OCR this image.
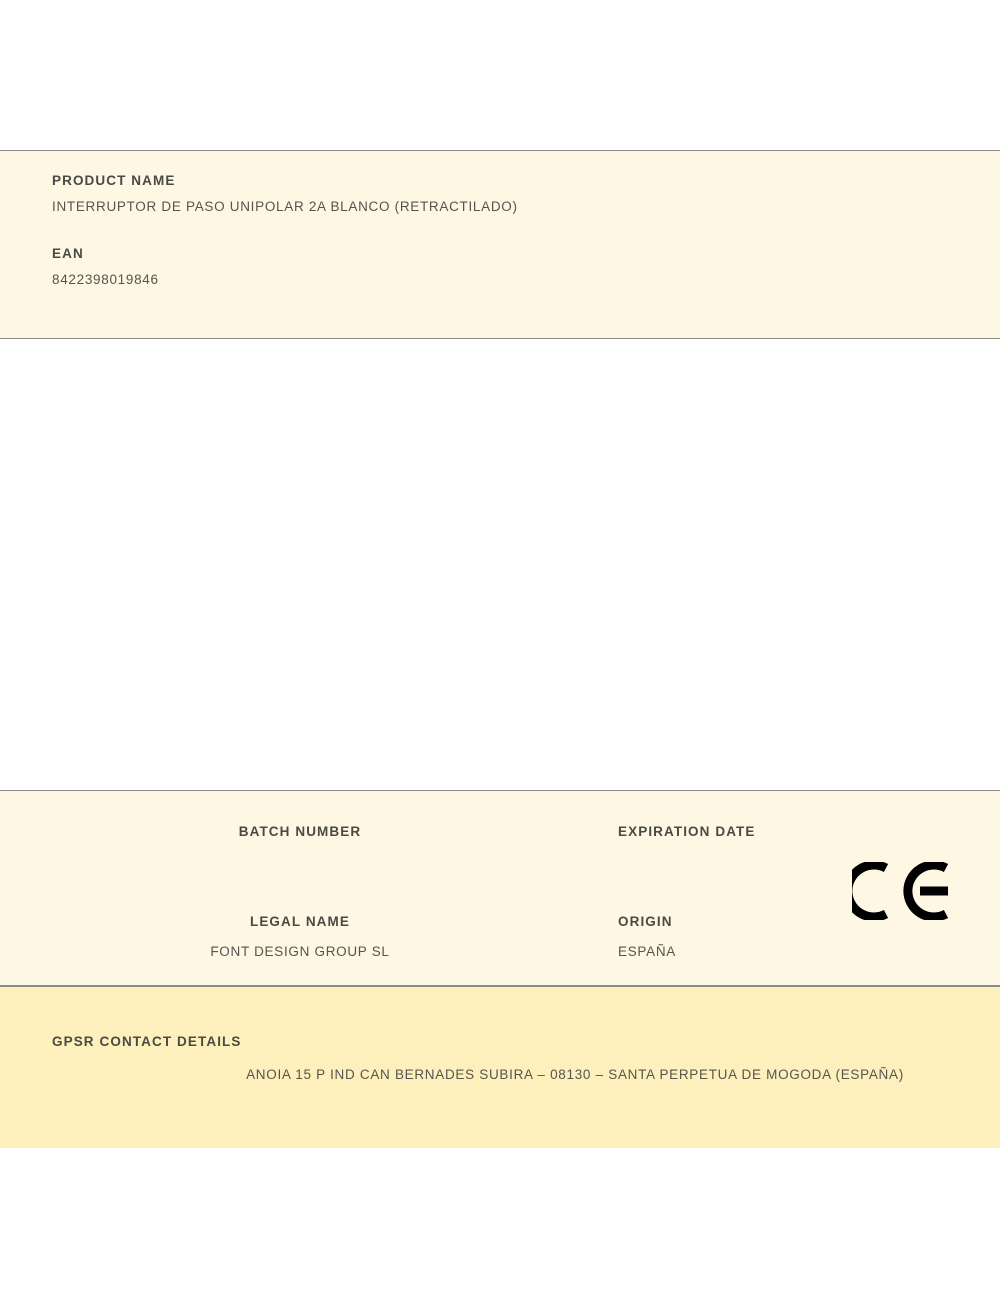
PRODUCT NAME
INTERRUPTOR DE PASO UNIPOLAR 2A BLANCO (RETRACTILADO)
EAN
8422398019846
BATCH NUMBER	EXPIRATION DATE
LEGAL NAME	ORIGIN
FONT DESIGN GROUP SL	ESPAÑA
GPSR CONTACT DETAILS
ANOIA 15 P IND CAN BERNADES SUBIRA – 08130 – SANTA PERPETUA DE MOGODA (ESPAÑA)
